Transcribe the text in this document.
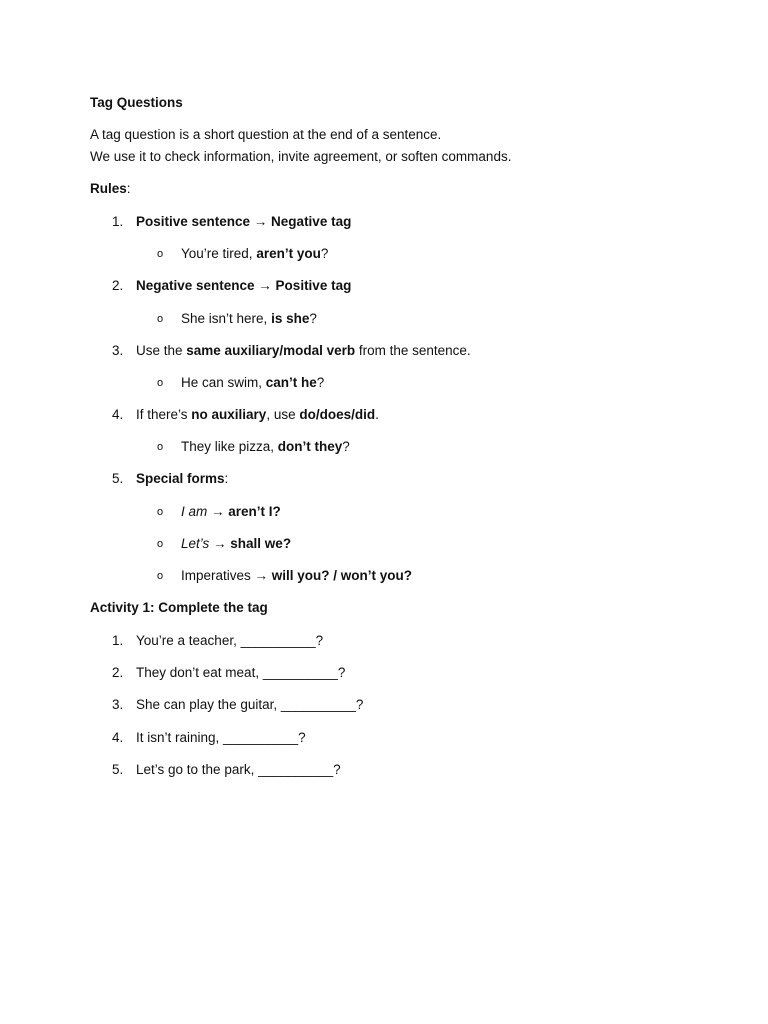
Tag Questions
A tag question is a short question at the end of a sentence.
We use it to check information, invite agreement, or soften commands.
Rules:
1. Positive sentence → Negative tag
o You’re tired, aren’t you?
2. Negative sentence → Positive tag
o She isn’t here, is she?
3. Use the same auxiliary/modal verb from the sentence.
o He can swim, can’t he?
4. If there’s no auxiliary, use do/does/did.
o They like pizza, don’t they?
5. Special forms:
o I am → aren’t I?
o Let’s → shall we?
o Imperatives → will you? / won’t you?
Activity 1: Complete the tag
1. You’re a teacher, __________?
2. They don’t eat meat, __________?
3. She can play the guitar, __________?
4. It isn’t raining, __________?
5. Let’s go to the park, __________?
